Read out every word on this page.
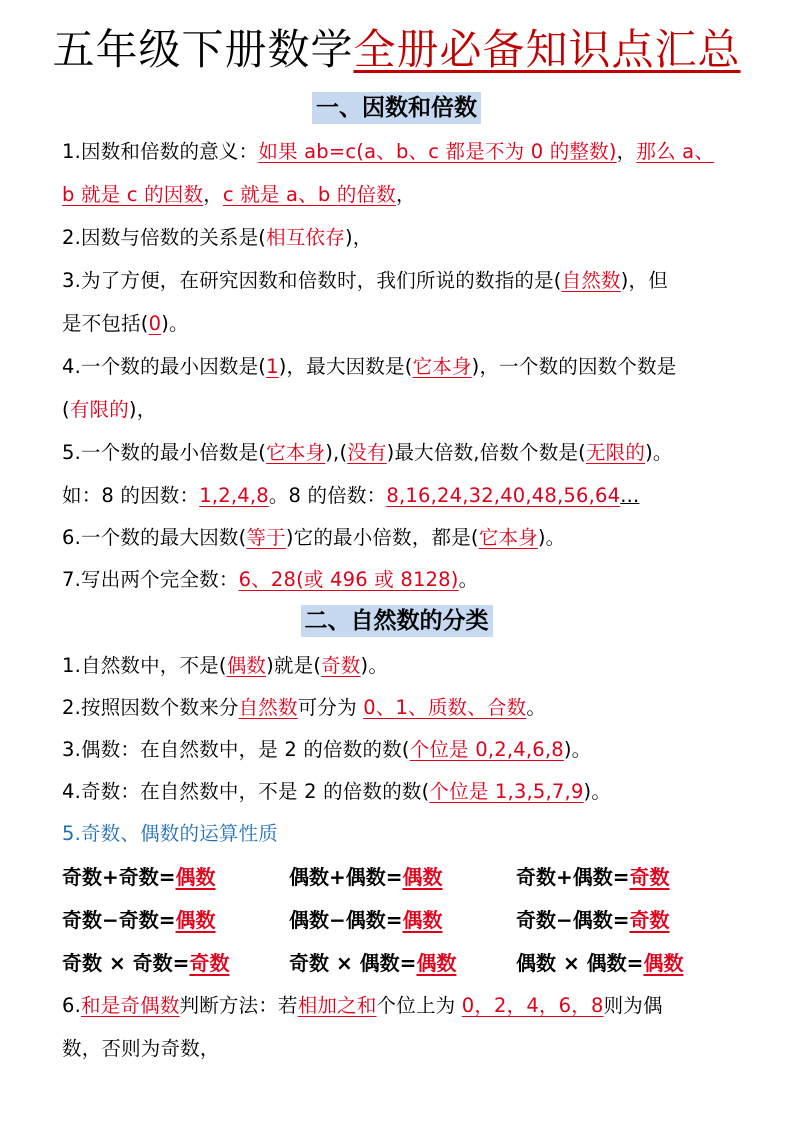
五年级下册数学全册必备知识点汇总
一、因数和倍数
1.因数和倍数的意义：如果 ab=c(a、b、c 都是不为 0 的整数)，那么 a、
b 就是 c 的因数，c 就是 a、b 的倍数，
2.因数与倍数的关系是(相互依存)，
3.为了方便，在研究因数和倍数时，我们所说的数指的是(自然数)，但
是不包括(0)。
4.一个数的最小因数是(1)，最大因数是(它本身)，一个数的因数个数是
(有限的)，
5.一个数的最小倍数是(它本身),(没有)最大倍数,倍数个数是(无限的)。
如：8 的因数：1,2,4,8。8 的倍数：8,16,24,32,40,48,56,64...
6.一个数的最大因数(等于)它的最小倍数，都是(它本身)。
7.写出两个完全数：6、28(或 496 或 8128)。
二、自然数的分类
1.自然数中，不是(偶数)就是(奇数)。
2.按照因数个数来分自然数可分为 0、1、质数、合数。
3.偶数：在自然数中，是 2 的倍数的数(个位是 0,2,4,6,8)。
4.奇数：在自然数中，不是 2 的倍数的数(个位是 1,3,5,7,9)。
5.奇数、偶数的运算性质
奇数+奇数=偶数	偶数+偶数=偶数	奇数+偶数=奇数
奇数−奇数=偶数	偶数−偶数=偶数	奇数−偶数=奇数
奇数 × 奇数=奇数	奇数 × 偶数=偶数	偶数 × 偶数=偶数
6.和是奇偶数判断方法：若相加之和个位上为 0，2，4，6，8则为偶
数，否则为奇数，
